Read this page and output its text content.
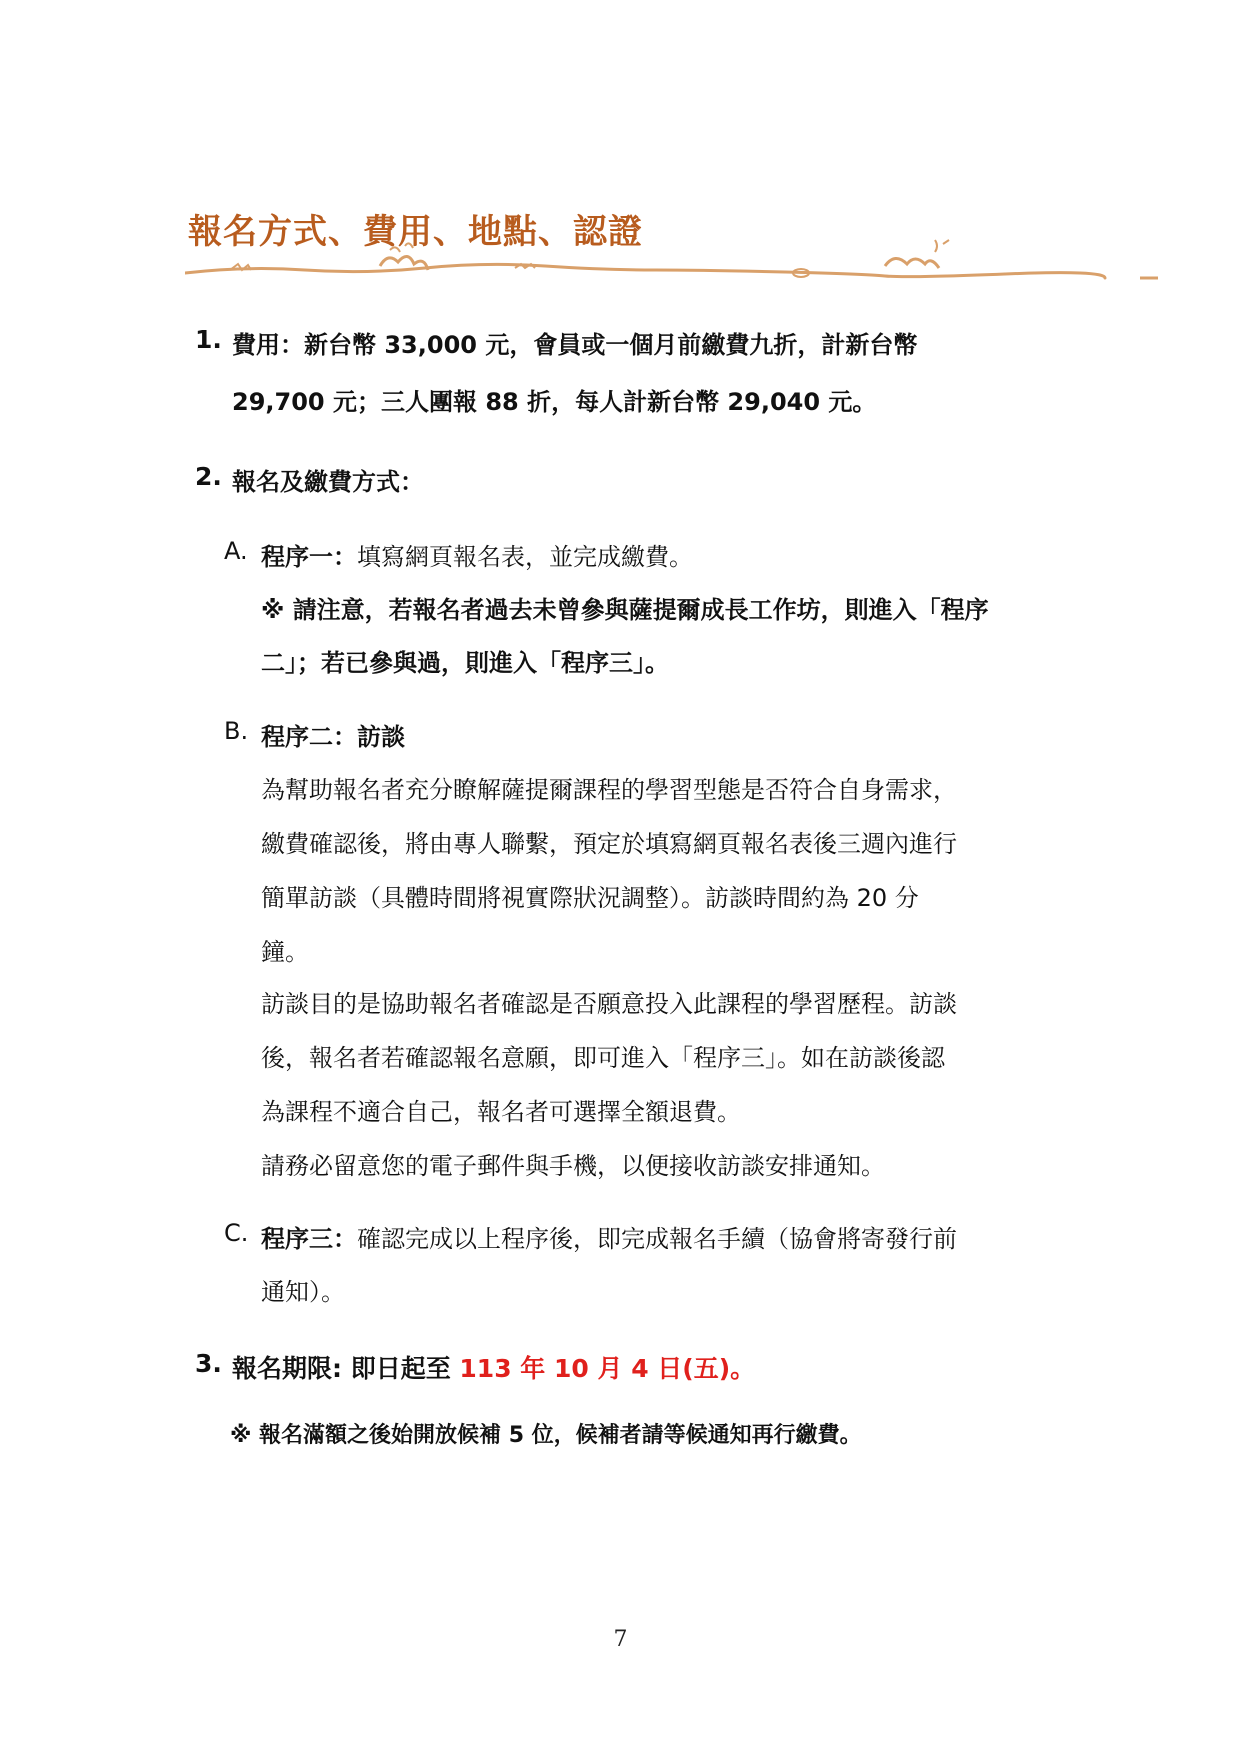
報名方式、費用、地點、認證
1. 費用：新台幣 33,000 元，會員或一個月前繳費九折，計新台幣
29,700 元；三人團報 88 折，每人計新台幣 29,040 元。
2. 報名及繳費方式：
A. 程序一：填寫網頁報名表，並完成繳費。
※ 請注意，若報名者過去未曾參與薩提爾成長工作坊，則進入「程序
二」；若已參與過，則進入「程序三」。
B. 程序二：訪談
為幫助報名者充分瞭解薩提爾課程的學習型態是否符合自身需求，
繳費確認後，將由專人聯繫，預定於填寫網頁報名表後三週內進行
簡單訪談（具體時間將視實際狀況調整）。訪談時間約為 20 分
鐘。
訪談目的是協助報名者確認是否願意投入此課程的學習歷程。訪談
後，報名者若確認報名意願，即可進入「程序三」。如在訪談後認
為課程不適合自己，報名者可選擇全額退費。
請務必留意您的電子郵件與手機，以便接收訪談安排通知。
C. 程序三：確認完成以上程序後，即完成報名手續（協會將寄發行前
通知）。
3. 報名期限: 即日起至 113 年 10 月 4 日(五)。
※ 報名滿額之後始開放候補 5 位，候補者請等候通知再行繳費。
7
